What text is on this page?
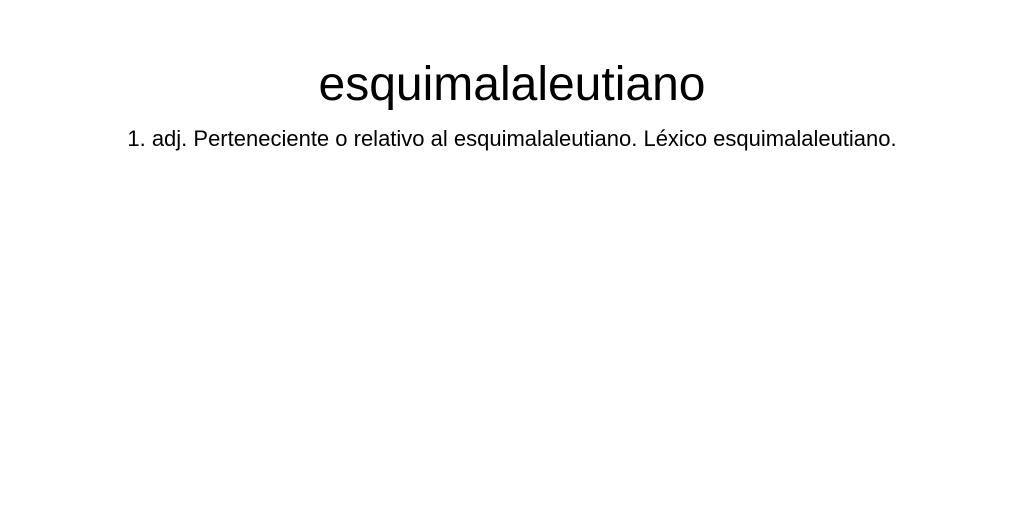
esquimalaleutiano

1. adj. Perteneciente o relativo al esquimalaleutiano. Léxico esquimalaleutiano.
